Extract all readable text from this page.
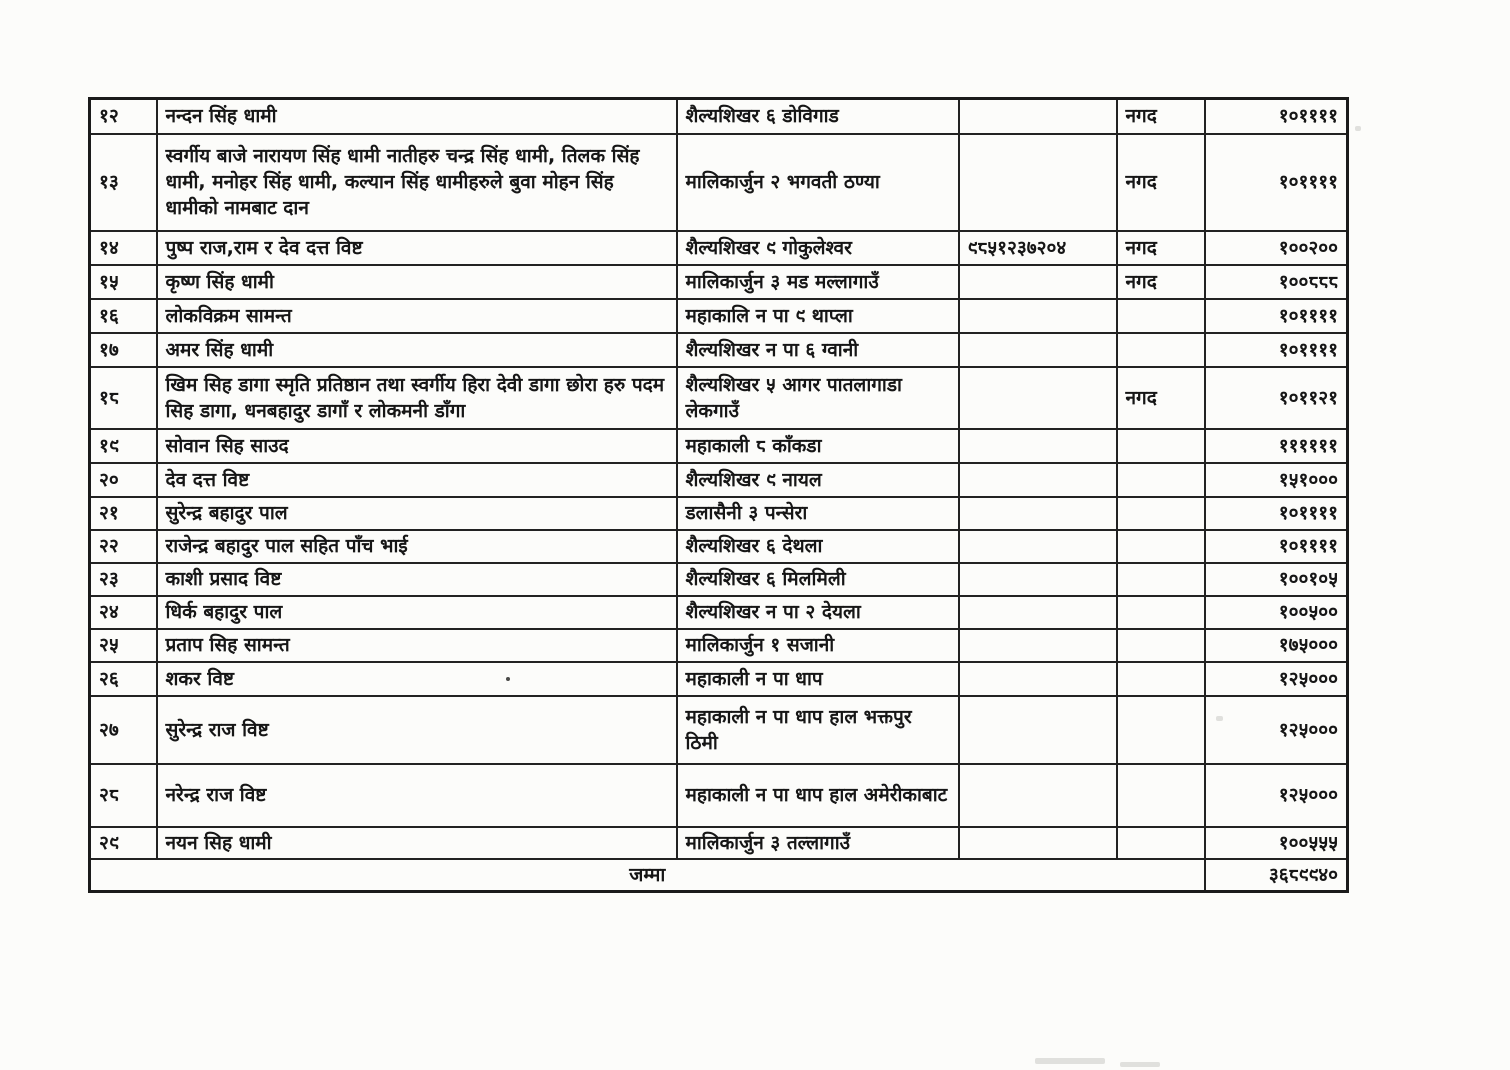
१२	नन्दन सिंह धामी	शैल्यशिखर ६ डोविगाड		नगद	१०११११
१३	स्वर्गीय बाजे नारायण सिंह धामी नातीहरु चन्द्र सिंह धामी, तिलक सिंह धामी, मनोहर सिंह धामी, कल्यान सिंह धामीहरुले बुवा मोहन सिंह धामीको नामबाट दान	मालिकार्जुन २ भगवती ठण्या		नगद	१०११११
१४	पुष्प राज,राम र देव दत्त विष्ट	शैल्यशिखर ९ गोकुलेश्वर	९८५१२३७२०४	नगद	१००२००
१५	कृष्ण सिंह धामी	मालिकार्जुन ३ मड मल्लागाउँ		नगद	१००८८८
१६	लोकविक्रम सामन्त	महाकालि न पा ९ थाप्ला			१०११११
१७	अमर सिंह धामी	शैल्यशिखर न पा ६ ग्वानी			१०११११
१८	खिम सिह डागा स्मृति प्रतिष्ठान तथा स्वर्गीय हिरा देवी डागा छोरा हरु पदम सिह डागा, धनबहादुर डागाँ र लोकमनी डाँगा	शैल्यशिखर ५ आगर पातलागाडा लेकगाउँ		नगद	१०११२१
१९	सोवान सिह साउद	महाकाली ८ काँकडा			११११११
२०	देव दत्त विष्ट	शैल्यशिखर ९ नायल			१५१०००
२१	सुरेन्द्र बहादुर पाल	डलासैनी ३ पन्सेरा			१०११११
२२	राजेन्द्र बहादुर पाल सहित पाँच भाई	शैल्यशिखर ६ देथला			१०११११
२३	काशी प्रसाद विष्ट	शैल्यशिखर ६ मिलमिली			१००१०५
२४	धिर्क बहादुर पाल	शैल्यशिखर न पा २ देयला			१००५००
२५	प्रताप सिह सामन्त	मालिकार्जुन १ सजानी			१७५०००
२६	शकर विष्ट	महाकाली न पा धाप			१२५०००
२७	सुरेन्द्र राज विष्ट	महाकाली न पा धाप हाल भक्तपुर ठिमी			१२५०००
२८	नरेन्द्र राज विष्ट	महाकाली न पा धाप हाल अमेरीकाबाट			१२५०००
२९	नयन सिह धामी	मालिकार्जुन ३ तल्लागाउँ			१००५५५
जम्मा					३६८९९४०
